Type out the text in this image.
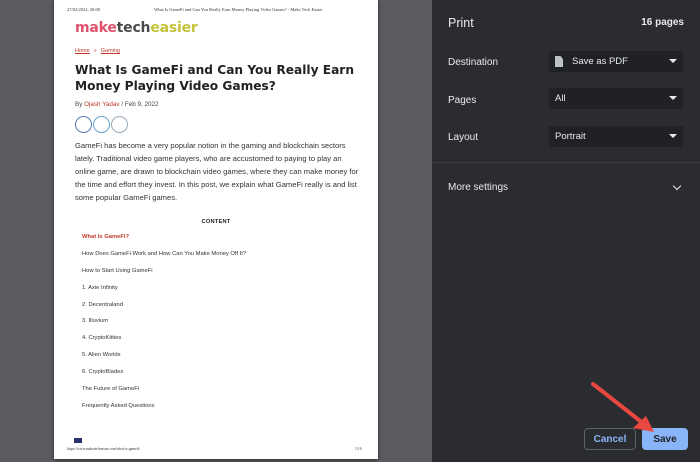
27/02/2022, 20:00	What Is GameFi and Can You Really Earn Money Playing Video Games? - Make Tech Easier
maketecheasier
Home » Gaming
What Is GameFi and Can You Really Earn Money Playing Video Games?
By Ojash Yadav / Feb 9, 2022

GameFi has become a very popular notion in the gaming and blockchain sectors lately. Traditional video game players, who are accustomed to paying to play an online game, are drawn to blockchain video games, where they can make money for the time and effort they invest. In this post, we explain what GameFi really is and list some popular GameFi games.

CONTENT
What Is GameFi?
How Does GameFi Work and How Can You Make Money Off It?
How to Start Using GameFi
1. Axie Infinity
2. Decentraland
3. Illuvium
4. CryptoKitties
5. Alien Worlds
6. CryptoBlades
The Future of GameFi
Frequently Asked Questions
https://www.maketecheasier.com/what-is-gamefi/	1/16
Print	16 pages
Destination	Save as PDF
Pages	All
Layout	Portrait
More settings
Cancel	Save
